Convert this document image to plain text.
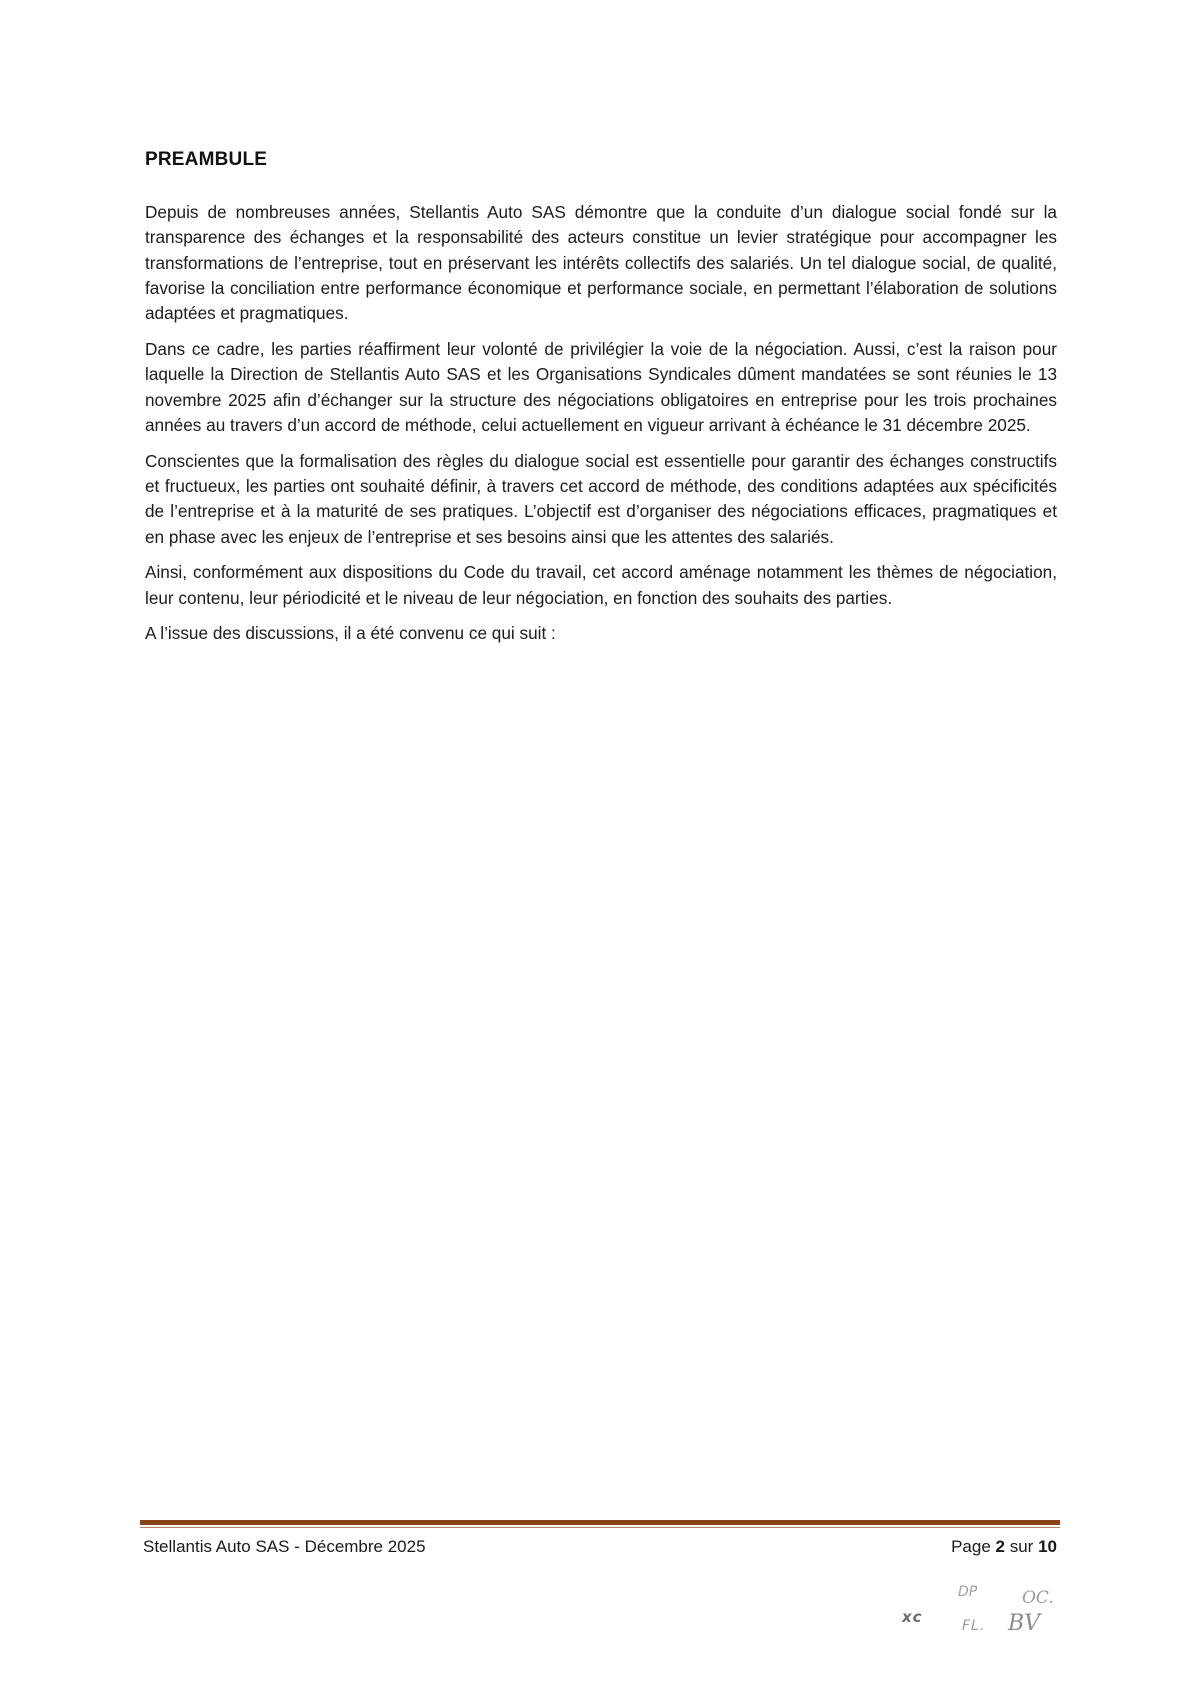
PREAMBULE

Depuis de nombreuses années, Stellantis Auto SAS démontre que la conduite d’un dialogue social fondé sur la transparence des échanges et la responsabilité des acteurs constitue un levier stratégique pour accompagner les transformations de l’entreprise, tout en préservant les intérêts collectifs des salariés. Un tel dialogue social, de qualité, favorise la conciliation entre performance économique et performance sociale, en permettant l’élaboration de solutions adaptées et pragmatiques.

Dans ce cadre, les parties réaffirment leur volonté de privilégier la voie de la négociation. Aussi, c’est la raison pour laquelle la Direction de Stellantis Auto SAS et les Organisations Syndicales dûment mandatées se sont réunies le 13 novembre 2025 afin d’échanger sur la structure des négociations obligatoires en entreprise pour les trois prochaines années au travers d’un accord de méthode, celui actuellement en vigueur arrivant à échéance le 31 décembre 2025.

Conscientes que la formalisation des règles du dialogue social est essentielle pour garantir des échanges constructifs et fructueux, les parties ont souhaité définir, à travers cet accord de méthode, des conditions adaptées aux spécificités de l’entreprise et à la maturité de ses pratiques. L’objectif est d’organiser des négociations efficaces, pragmatiques et en phase avec les enjeux de l’entreprise et ses besoins ainsi que les attentes des salariés.

Ainsi, conformément aux dispositions du Code du travail, cet accord aménage notamment les thèmes de négociation, leur contenu, leur périodicité et le niveau de leur négociation, en fonction des souhaits des parties.

A l’issue des discussions, il a été convenu ce qui suit :

Stellantis Auto SAS - Décembre 2025	Page 2 sur 10
xc
DP	OC.
FL. BV
